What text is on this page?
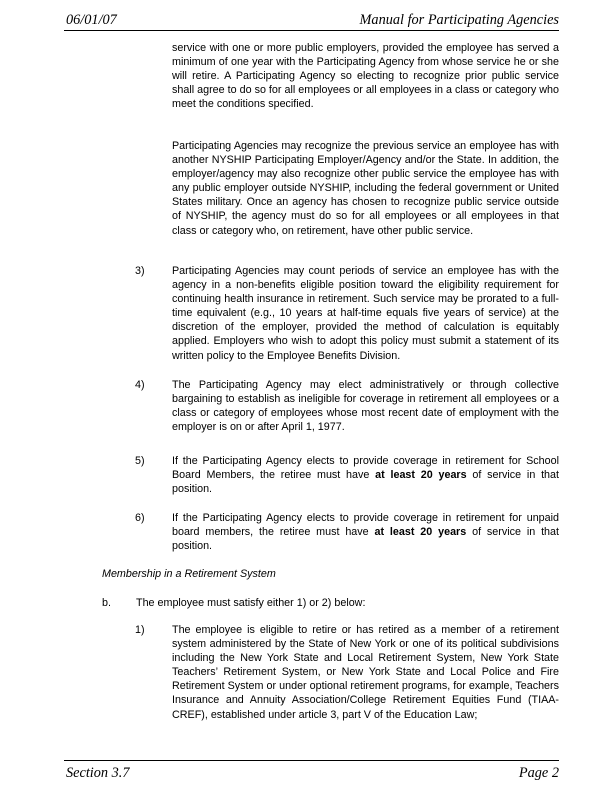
06/01/07	Manual for Participating Agencies

service with one or more public employers, provided the employee has served a minimum of one year with the Participating Agency from whose service he or she will retire. A Participating Agency so electing to recognize prior public service shall agree to do so for all employees or all employees in a class or category who meet the conditions specified.

Participating Agencies may recognize the previous service an employee has with another NYSHIP Participating Employer/Agency and/or the State. In addition, the employer/agency may also recognize other public service the employee has with any public employer outside NYSHIP, including the federal government or United States military. Once an agency has chosen to recognize public service outside of NYSHIP, the agency must do so for all employees or all employees in that class or category who, on retirement, have other public service.

3)	Participating Agencies may count periods of service an employee has with the agency in a non-benefits eligible position toward the eligibility requirement for continuing health insurance in retirement. Such service may be prorated to a full-time equivalent (e.g., 10 years at half-time equals five years of service) at the discretion of the employer, provided the method of calculation is equitably applied. Employers who wish to adopt this policy must submit a statement of its written policy to the Employee Benefits Division.

4)	The Participating Agency may elect administratively or through collective bargaining to establish as ineligible for coverage in retirement all employees or a class or category of employees whose most recent date of employment with the employer is on or after April 1, 1977.

5)	If the Participating Agency elects to provide coverage in retirement for School Board Members, the retiree must have at least 20 years of service in that position.

6)	If the Participating Agency elects to provide coverage in retirement for unpaid board members, the retiree must have at least 20 years of service in that position.

Membership in a Retirement System
b. The employee must satisfy either 1) or 2) below:
1)	The employee is eligible to retire or has retired as a member of a retirement system administered by the State of New York or one of its political subdivisions including the New York State and Local Retirement System, New York State Teachers’ Retirement System, or New York State and Local Police and Fire Retirement System or under optional retirement programs, for example, Teachers Insurance and Annuity Association/College Retirement Equities Fund (TIAA-CREF), established under article 3, part V of the Education Law;

Section 3.7	Page 2
